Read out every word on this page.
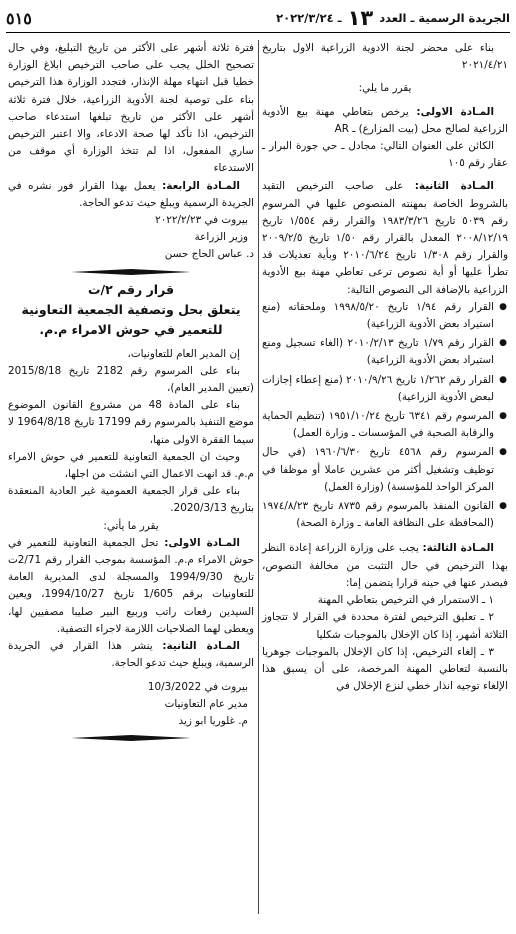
الجريدة الرسمية ـ العدد
١٣
ـ ٢٠٢٢/٣/٢٤
٥١٥

بناء على محضر لجنة الادوية الزراعية الاول بتاريخ ٢٠٢١/٤/٢١

يقرر ما يلي:

المـادة الاولى: يرخص بتعاطي مهنة بيع الأدوية الزراعية لصالح محل (بيت المزارع) ـ AR

الكائن على العنوان التالي: مجادل ـ حي جورة البرار ـ عقار رقم ١٠٥

المـادة الثانية: على صاحب الترخيص التقيد بالشروط الخاصة بمهنته المنصوص عليها في المرسوم رقم ٥٠٣٩ تاريخ ١٩٨٣/٣/٢٦ والقرار رقم ١/٥٥٤ تاريخ ٢٠٠٨/١٢/١٩ المعدل بالقرار رقم ١/٥٠ تاريخ ٢٠٠٩/٢/٥ والقرار رقم ١/٣٠٨ تاريخ ٢٠١٠/٦/٢٤ وبأية تعديلات قد تطرأ عليها أو أية نصوص ترعى تعاطي مهنة بيع الأدوية الزراعية بالإضافة الى النصوص التالية:

● القرار رقم ١/٩٤ تاريخ ١٩٩٨/٥/٢٠ وملحقاته (منع استيراد بعض الأدوية الزراعية)
● القرار رقم ١/٧٩ تاريخ ٢٠١٠/٢/١٣ (الغاء تسجيل ومنع استيراد بعض الأدوية الزراعية)
● القرار رقم ١/٢٦٢ تاريخ ٢٠١٠/٩/٢٦ (منع إعطاء إجازات لبعض الأدوية الزراعية)
● المرسوم رقم ٦٣٤١ تاريخ ١٩٥١/١٠/٢٤ (تنظيم الحماية والرقابة الصحية في المؤسسات ـ وزارة العمل)
● المرسوم رقم ٤٥٦٨ تاريخ ١٩٦٠/٦/٣٠ (في حال توظيف وتشغيل أكثر من عشرين عاملا أو موظفا في المركز الواحد للمؤسسة) (وزارة العمل)
● القانون المنفذ بالمرسوم رقم ٨٧٣٥ تاريخ ١٩٧٤/٨/٢٣ (المحافظة على النظافة العامة ـ وزارة الصحة)

المـادة الثالثة: يجب على وزارة الزراعة إعادة النظر بهذا الترخيص في حال التثبت من مخالفة النصوص، فيصدر عنها في حينه قرارا يتضمن إما:

١ ـ الاستمرار في الترخيص بتعاطي المهنة

٢ ـ تعليق الترخيص لفترة محددة في القرار لا تتجاوز الثلاثة أشهر، إذا كان الإخلال بالموجبات شكليا

٣ ـ إلغاء الترخيص، إذا كان الإخلال بالموجبات جوهريا بالنسبة لتعاطي المهنة المرخصة، على أن يسبق هذا الإلغاء توجيه انذار خطي لنزع الإخلال في

فترة ثلاثة أشهر على الأكثر من تاريخ التبليغ، وفي حال تصحيح الخلل يجب على صاحب الترخيص ابلاغ الوزارة خطيا قبل انتهاء مهلة الإنذار، فتجدد الوزارة هذا الترخيص بناء على توصية لجنة الأدوية الزراعية، خلال فترة ثلاثة أشهر على الأكثر من تاريخ تبلغها استدعاء صاحب الترخيص، اذا تأكد لها صحة الادعاء، والا اعتبر الترخيص ساري المفعول، اذا لم تتخذ الوزارة أي موقف من الاستدعاء

المـادة الرابعة: يعمل بهذا القرار فور نشره في الجريدة الرسمية ويبلغ حيث تدعو الحاجة.

بيروت في ٢٠٢٢/٢/٢٣

وزير الزراعة

د. عباس الحاج حسن

قرار رقم ٢/ت

يتعلق بحل وتصفية الجمعية التعاونية

للتعمير في حوش الامراء م.م.

إن المدير العام للتعاونيات،

بناء على المرسوم رقم 2182 تاريخ 2015/8/18 (تعيين المدير العام)،

بناء على المادة 48 من مشروع القانون الموضوع موضع التنفيذ بالمرسوم رقم 17199 تاريخ 1964/8/18 لا سيما الفقرة الاولى منها،

وحيث ان الجمعية التعاونية للتعمير في حوش الامراء م.م. قد انهت الاعمال التي انشئت من اجلها،

بناء على قرار الجمعية العمومية غير العادية المنعقدة بتاريخ 2020/3/13.

يقرر ما يأتي:

المـادة الاولى: تحل الجمعية التعاونية للتعمير في حوش الامراء م.م. المؤسسة بموجب القرار رقم 2/71ت تاريخ 1994/9/30 والمسجلة لدى المديرية العامة للتعاونيات برقم 1/605 تاريخ 1994/10/27، ويعين السيدين رفعات راتب وربيع البير صليبا مصفيين لها، ويعطى لهما الصلاحيات اللازمة لاجراء التصفية.

المـادة الثانية: ينشر هذا القرار في الجريدة الرسمية، ويبلغ حيث تدعو الحاجة.

بيروت في 10/3/2022

مدير عام التعاونيات

م. غلوريا ابو زيد
